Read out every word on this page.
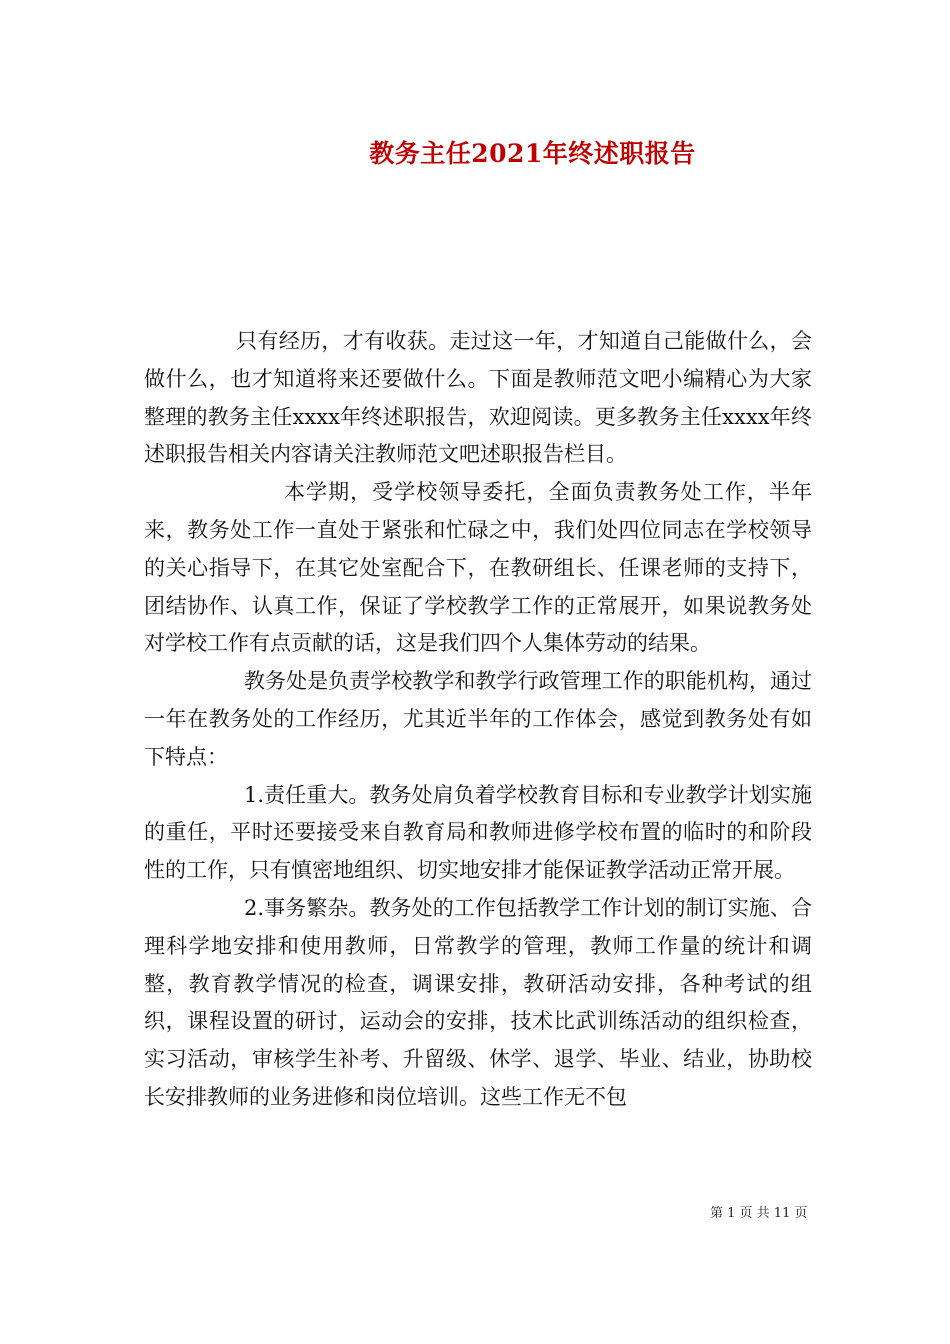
教务主任2021年终述职报告

只有经历，才有收获。走过这一年，才知道自己能做什么，会做什么，也才知道将来还要做什么。下面是教师范文吧小编精心为大家整理的教务主任xxxx年终述职报告，欢迎阅读。更多教务主任xxxx年终述职报告相关内容请关注教师范文吧述职报告栏目。

本学期，受学校领导委托，全面负责教务处工作，半年来，教务处工作一直处于紧张和忙碌之中，我们处四位同志在学校领导的关心指导下，在其它处室配合下，在教研组长、任课老师的支持下，团结协作、认真工作，保证了学校教学工作的正常展开，如果说教务处对学校工作有点贡献的话，这是我们四个人集体劳动的结果。

教务处是负责学校教学和教学行政管理工作的职能机构，通过一年在教务处的工作经历，尤其近半年的工作体会，感觉到教务处有如下特点：

1.责任重大。教务处肩负着学校教育目标和专业教学计划实施的重任，平时还要接受来自教育局和教师进修学校布置的临时的和阶段性的工作，只有慎密地组织、切实地安排才能保证教学活动正常开展。

2.事务繁杂。教务处的工作包括教学工作计划的制订实施、合理科学地安排和使用教师，日常教学的管理，教师工作量的统计和调整，教育教学情况的检查，调课安排，教研活动安排，各种考试的组织，课程设置的研讨，运动会的安排，技术比武训练活动的组织检查，实习活动，审核学生补考、升留级、休学、退学、毕业、结业，协助校长安排教师的业务进修和岗位培训。这些工作无不包

第 1 页 共 11 页
